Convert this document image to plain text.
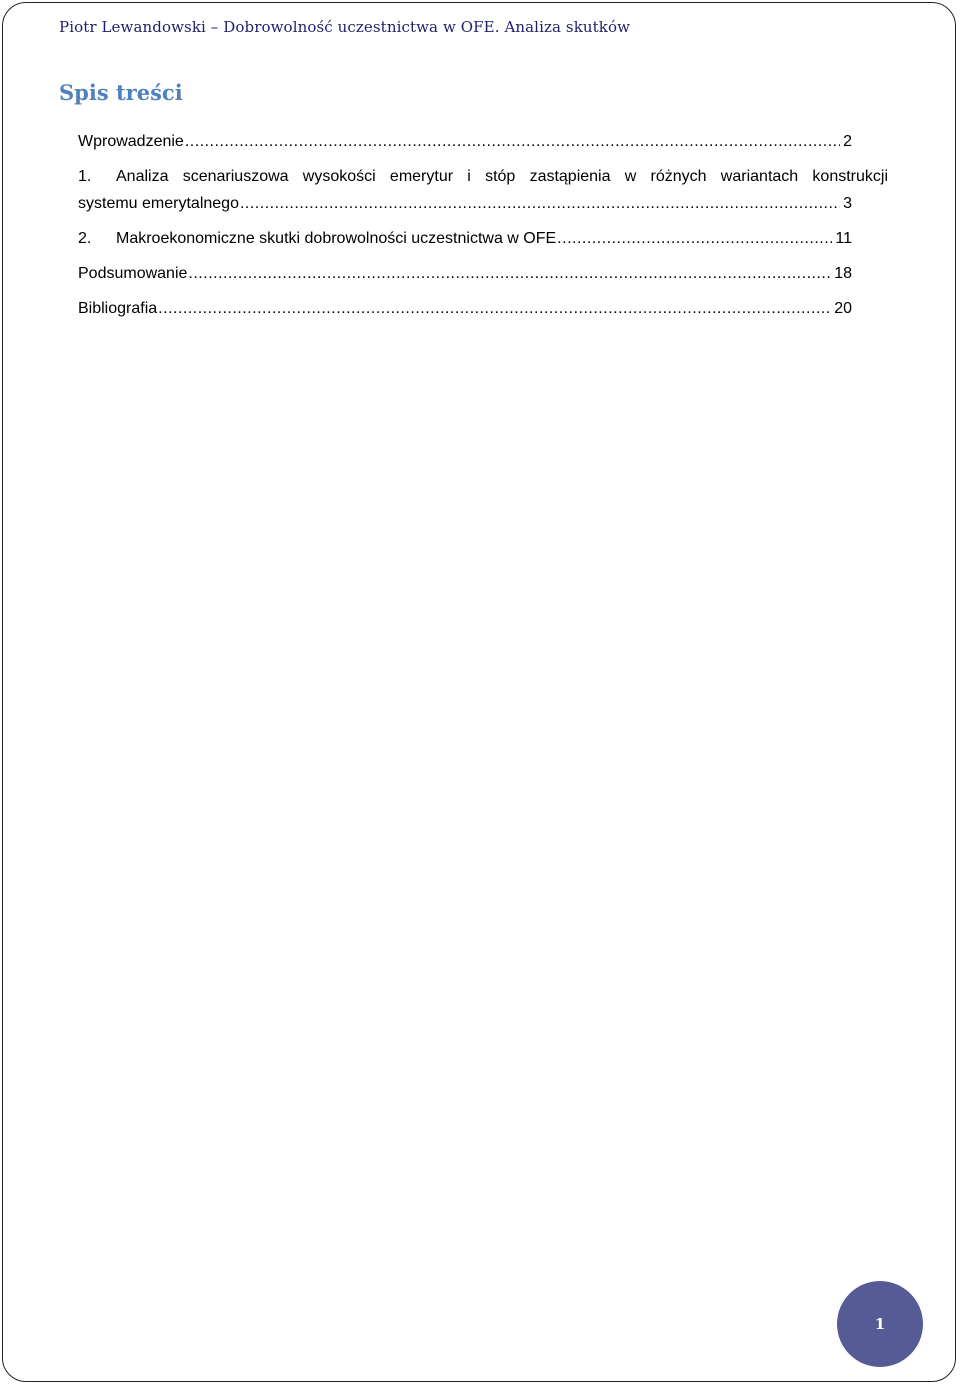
Piotr Lewandowski – Dobrowolność uczestnictwa w OFE. Analiza skutków
Spis treści
Wprowadzenie .....	2
1.	Analiza scenariuszowa wysokości emerytur i stóp zastąpienia w różnych wariantach konstrukcji
systemu emerytalnego .....	3
2.	Makroekonomiczne skutki dobrowolności uczestnictwa w OFE .....	11
Podsumowanie .....	18
Bibliografia .....	20
1
